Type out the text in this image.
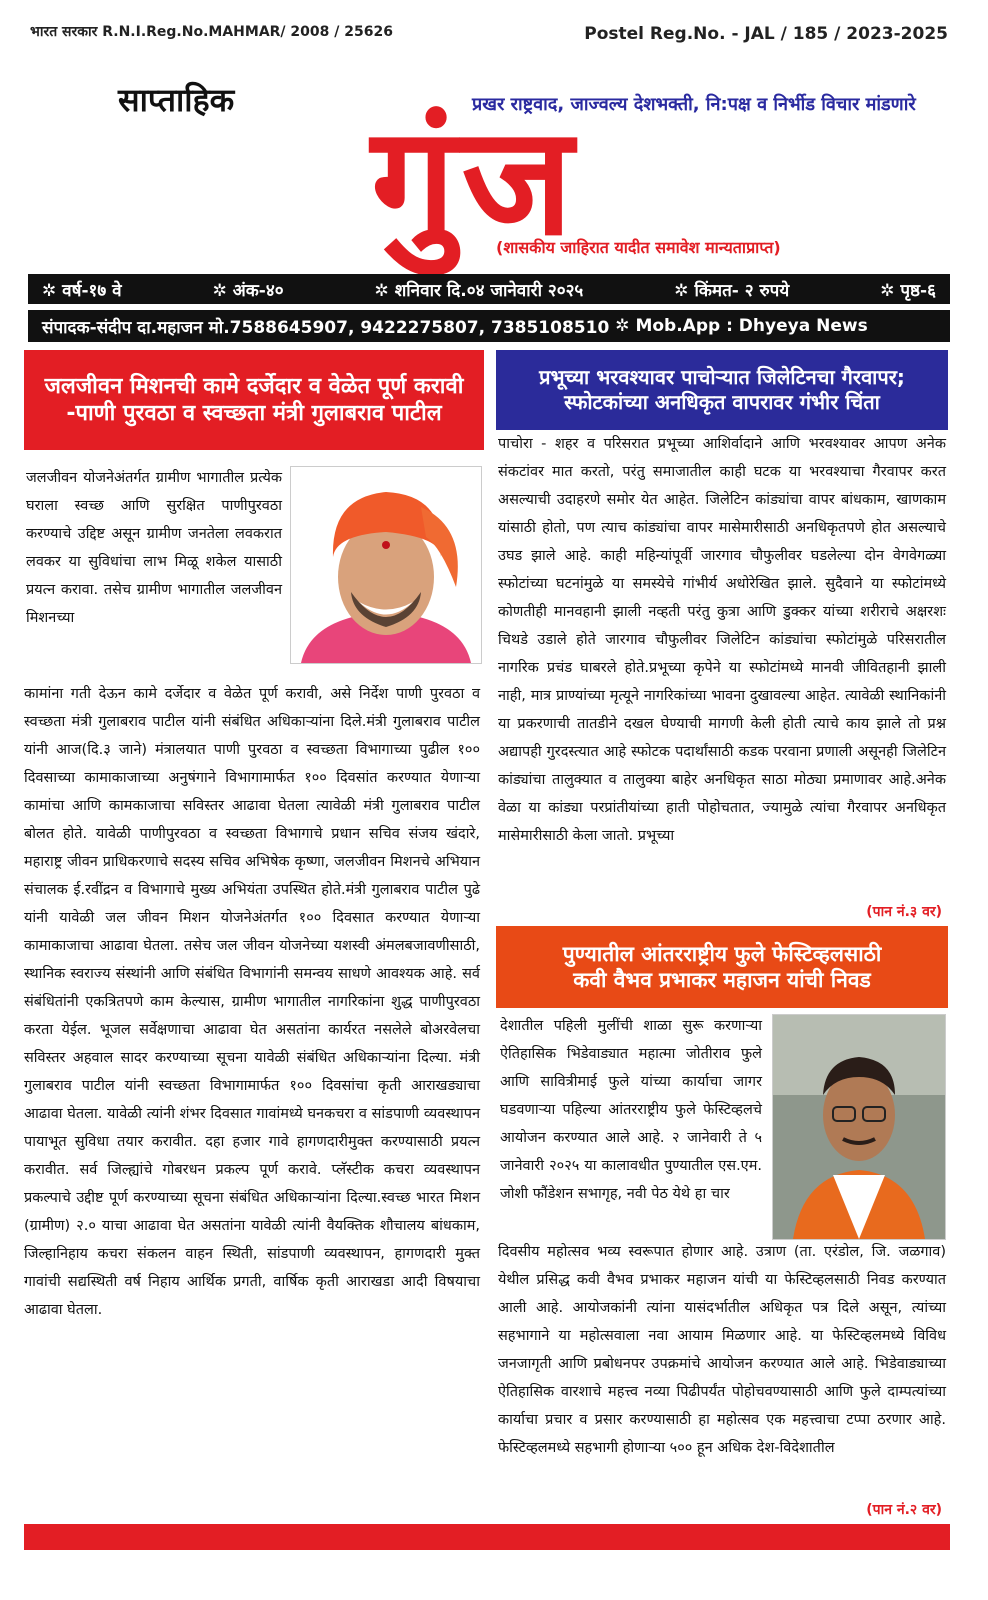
भारत सरकार R.N.I.Reg.No.MAHMAR/ 2008 / 25626	Postel Reg.No. - JAL / 185 / 2023-2025
साप्ताहिक	प्रखर राष्ट्रवाद, जाज्वल्य देशभक्ती, नि:पक्ष व निर्भीड विचार मांडणारे
गुंज
(शासकीय जाहिरात यादीत समावेश मान्यताप्राप्त)
✲ वर्ष-१७ वे	✲ अंक-४०	✲ शनिवार दि.०४ जानेवारी २०२५	✲ किंमत- २ रुपये	✲ पृष्ठ-६
संपादक-संदीप दा.महाजन मो.7588645907, 9422275807, 7385108510	✲ Mob.App : Dhyeya News
जलजीवन मिशनची कामे दर्जेदार व वेळेत पूर्ण करावी
-पाणी पुरवठा व स्वच्छता मंत्री गुलाबराव पाटील

जलजीवन योजनेअंतर्गत ग्रामीण भागातील प्रत्येक घराला स्वच्छ आणि सुरक्षित पाणीपुरवठा करण्याचे उद्दिष्ट असून ग्रामीण जनतेला लवकरात लवकर या सुविधांचा लाभ मिळू शकेल यासाठी प्रयत्न करावा. तसेच ग्रामीण भागातील जलजीवन मिशनच्या

कामांना गती देऊन कामे दर्जेदार व वेळेत पूर्ण करावी, असे निर्देश पाणी पुरवठा व स्वच्छता मंत्री गुलाबराव पाटील यांनी संबंधित अधिकाऱ्यांना दिले.मंत्री गुलाबराव पाटील यांनी आज(दि.३ जाने) मंत्रालयात पाणी पुरवठा व स्वच्छता विभागाच्या पुढील १०० दिवसाच्या कामाकाजाच्या अनुषंगाने विभागामार्फत १०० दिवसांत करण्यात येणाऱ्या कामांचा आणि कामकाजाचा सविस्तर आढावा घेतला त्यावेळी मंत्री गुलाबराव पाटील बोलत होते. यावेळी पाणीपुरवठा व स्वच्छता विभागाचे प्रधान सचिव संजय खंदारे, महाराष्ट्र जीवन प्राधिकरणाचे सदस्य सचिव अभिषेक कृष्णा, जलजीवन मिशनचे अभियान संचालक ई.रवींद्रन व विभागाचे मुख्य अभियंता उपस्थित होते.मंत्री गुलाबराव पाटील पुढे यांनी यावेळी जल जीवन मिशन योजनेअंतर्गत १०० दिवसात करण्यात येणाऱ्या कामाकाजाचा आढावा घेतला. तसेच जल जीवन योजनेच्या यशस्वी अंमलबजावणीसाठी, स्थानिक स्वराज्य संस्थांनी आणि संबंधित विभागांनी समन्वय साधणे आवश्यक आहे. सर्व संबंधितांनी एकत्रितपणे काम केल्यास, ग्रामीण भागातील नागरिकांना शुद्ध पाणीपुरवठा करता येईल. भूजल सर्वेक्षणाचा आढावा घेत असतांना कार्यरत नसलेले बोअरवेलचा सविस्तर अहवाल सादर करण्याच्या सूचना यावेळी संबंधित अधिकाऱ्यांना दिल्या. मंत्री गुलाबराव पाटील यांनी स्वच्छता विभागामार्फत १०० दिवसांचा कृती आराखड्याचा आढावा घेतला. यावेळी त्यांनी शंभर दिवसात गावांमध्ये घनकचरा व सांडपाणी व्यवस्थापन पायाभूत सुविधा तयार करावीत. दहा हजार गावे हागणदारीमुक्त करण्यासाठी प्रयत्न करावीत. सर्व जिल्ह्यांचे गोबरधन प्रकल्प पूर्ण करावे. प्लॅस्टीक कचरा व्यवस्थापन प्रकल्पाचे उद्दीष्ट पूर्ण करण्याच्या सूचना संबंधित अधिकाऱ्यांना दिल्या.स्वच्छ भारत मिशन (ग्रामीण) २.० याचा आढावा घेत असतांना यावेळी त्यांनी वैयक्तिक शौचालय बांधकाम, जिल्हानिहाय कचरा संकलन वाहन स्थिती, सांडपाणी व्यवस्थापन, हागणदारी मुक्त गावांची सद्यस्थिती वर्ष निहाय आर्थिक प्रगती, वार्षिक कृती आराखडा आदी विषयाचा आढावा घेतला.

प्रभूच्या भरवश्यावर पाचोऱ्यात जिलेटिनचा गैरवापर;
स्फोटकांच्या अनधिकृत वापरावर गंभीर चिंता

पाचोरा - शहर व परिसरात प्रभूच्या आशिर्वादाने आणि भरवश्यावर आपण अनेक संकटांवर मात करतो, परंतु समाजातील काही घटक या भरवश्याचा गैरवापर करत असल्याची उदाहरणे समोर येत आहेत. जिलेटिन कांड्यांचा वापर बांधकाम, खाणकाम यांसाठी होतो, पण त्याच कांड्यांचा वापर मासेमारीसाठी अनधिकृतपणे होत असल्याचे उघड झाले आहे. काही महिन्यांपूर्वी जारगाव चौफुलीवर घडलेल्या दोन वेगवेगळ्या स्फोटांच्या घटनांमुळे या समस्येचे गांभीर्य अधोरेखित झाले. सुदैवाने या स्फोटांमध्ये कोणतीही मानवहानी झाली नव्हती परंतु कुत्रा आणि डुक्कर यांच्या शरीराचे अक्षरशः चिथडे उडाले होते जारगाव चौफुलीवर जिलेटिन कांड्यांचा स्फोटांमुळे परिसरातील नागरिक प्रचंड घाबरले होते.प्रभूच्या कृपेने या स्फोटांमध्ये मानवी जीवितहानी झाली नाही, मात्र प्राण्यांच्या मृत्यूने नागरिकांच्या भावना दुखावल्या आहेत. त्यावेळी स्थानिकांनी या प्रकरणाची तातडीने दखल घेण्याची मागणी केली होती त्याचे काय झाले तो प्रश्न अद्यापही गुरदस्त्यात आहे स्फोटक पदार्थांसाठी कडक परवाना प्रणाली असूनही जिलेटिन कांड्यांचा तालुक्यात व तालुक्या बाहेर अनधिकृत साठा मोठ्या प्रमाणावर आहे.अनेक वेळा या कांड्या परप्रांतीयांच्या हाती पोहोचतात, ज्यामुळे त्यांचा गैरवापर अनधिकृत मासेमारीसाठी केला जातो. प्रभूच्या

(पान नं.३ वर)
पुण्यातील आंतरराष्ट्रीय फुले फेस्टिव्हलसाठी
कवी वैभव प्रभाकर महाजन यांची निवड

देशातील पहिली मुलींची शाळा सुरू करणाऱ्या ऐतिहासिक भिडेवाड्यात महात्मा जोतीराव फुले आणि सावित्रीमाई फुले यांच्या कार्याचा जागर घडवणाऱ्या पहिल्या आंतरराष्ट्रीय फुले फेस्टिव्हलचे आयोजन करण्यात आले आहे. २ जानेवारी ते ५ जानेवारी २०२५ या कालावधीत पुण्यातील एस.एम. जोशी फौंडेशन सभागृह, नवी पेठ येथे हा चार

दिवसीय महोत्सव भव्य स्वरूपात होणार आहे. उत्राण (ता. एरंडोल, जि. जळगाव) येथील प्रसिद्ध कवी वैभव प्रभाकर महाजन यांची या फेस्टिव्हलसाठी निवड करण्यात आली आहे. आयोजकांनी त्यांना यासंदर्भातील अधिकृत पत्र दिले असून, त्यांच्या सहभागाने या महोत्सवाला नवा आयाम मिळणार आहे. या फेस्टिव्हलमध्ये विविध जनजागृती आणि प्रबोधनपर उपक्रमांचे आयोजन करण्यात आले आहे. भिडेवाड्याच्या ऐतिहासिक वारशाचे महत्त्व नव्या पिढीपर्यंत पोहोचवण्यासाठी आणि फुले दाम्पत्यांच्या कार्याचा प्रचार व प्रसार करण्यासाठी हा महोत्सव एक महत्त्वाचा टप्पा ठरणार आहे. फेस्टिव्हलमध्ये सहभागी होणाऱ्या ५०० हून अधिक देश-विदेशातील

(पान नं.२ वर)
